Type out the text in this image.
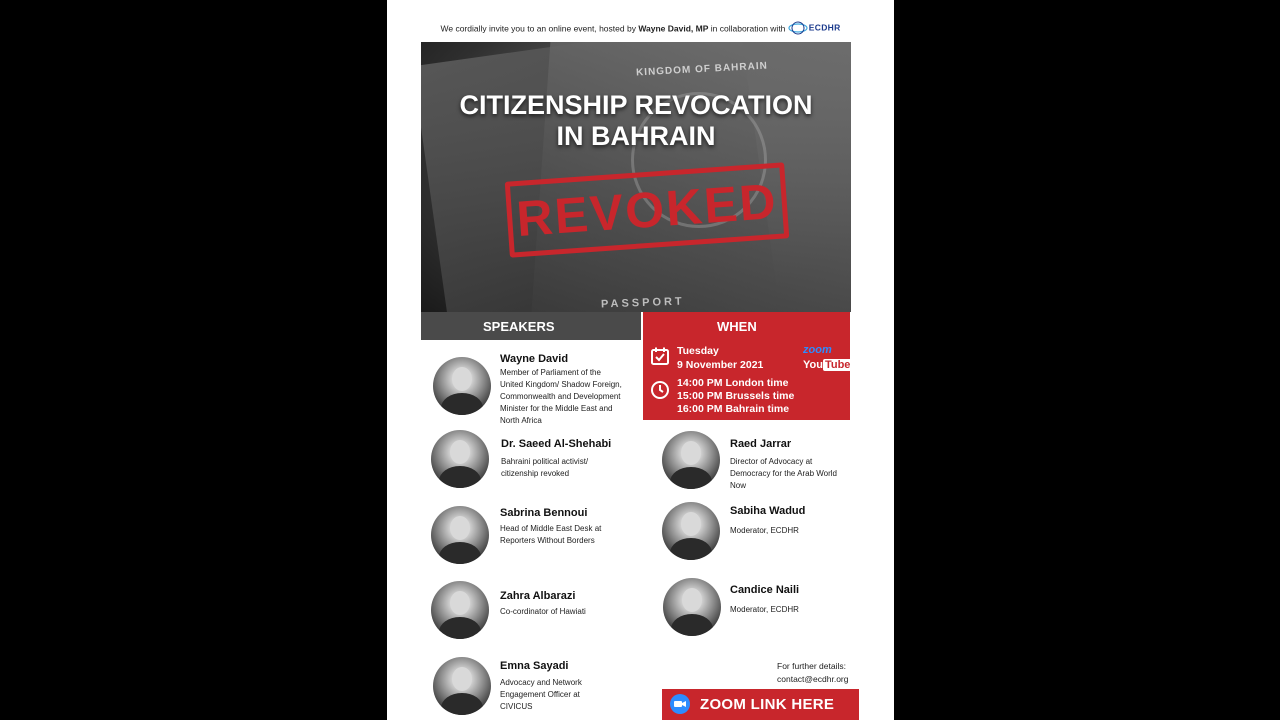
We cordially invite you to an online event, hosted by Wayne David, MP in collaboration with	ECDHR
KINGDOM OF BAHRAIN
PASSPORT
CITIZENSHIP REVOCATION
IN BAHRAIN
REVOKED
SPEAKERS	WHEN
Tuesday
9 November 2021
14:00 PM London time
15:00 PM Brussels time
16:00 PM Bahrain time
zoom
You Tube
Wayne David
Member of Parliament of the United Kingdom/ Shadow Foreign, Commonwealth and Development Minister for the Middle East and North Africa
Dr. Saeed Al-Shehabi
Bahraini political activist/ citizenship revoked
Sabrina Bennoui
Head of Middle East Desk at Reporters Without Borders
Zahra Albarazi
Co-cordinator of Hawiati
Emna Sayadi
Advocacy and Network Engagement Officer at CIVICUS
Raed Jarrar
Director of Advocacy at Democracy for the Arab World Now
Sabiha Wadud
Moderator, ECDHR
Candice Naili
Moderator, ECDHR
For further details:
contact@ecdhr.org
ZOOM LINK HERE
